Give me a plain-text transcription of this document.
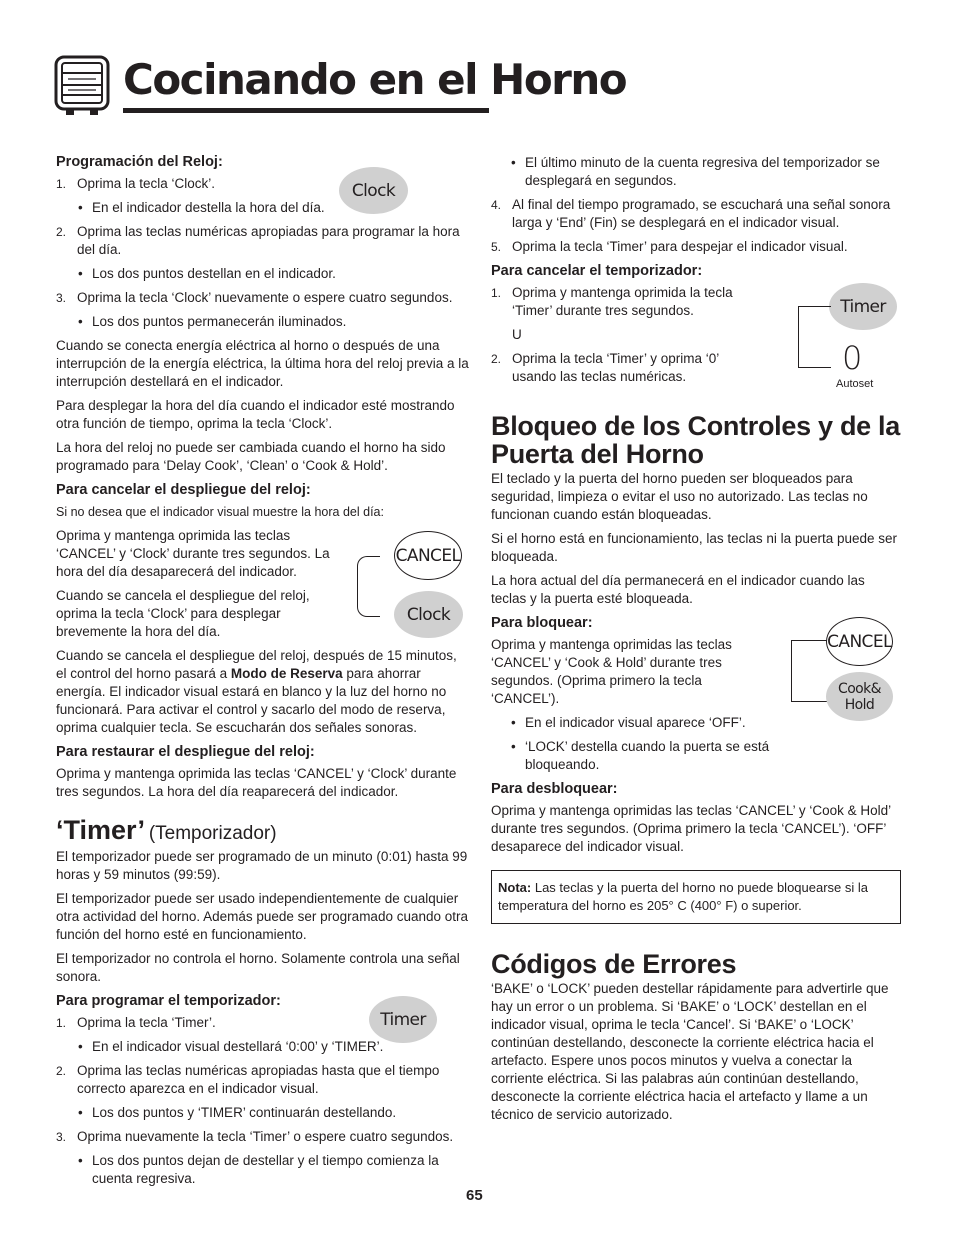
Cocinando en el Horno
Programación del Reloj:
1. Oprima la tecla ‘Clock’.
• En el indicador destella la hora del día.
2. Oprima las teclas numéricas apropiadas para programar la hora del día.
• Los dos puntos destellan en el indicador.
3. Oprima la tecla ‘Clock’ nuevamente o espere cuatro segundos.
• Los dos puntos permanecerán iluminados.

Cuando se conecta energía eléctrica al horno o después de una interrupción de la energía eléctrica, la última hora del reloj previa a la interrupción destellará en el indicador.

Para desplegar la hora del día cuando el indicador esté mostrando otra función de tiempo, oprima la tecla ‘Clock’.

La hora del reloj no puede ser cambiada cuando el horno ha sido programado para ‘Delay Cook’, ‘Clean’ o ‘Cook & Hold’.

Para cancelar el despliegue del reloj:

Si no desea que el indicador visual muestre la hora del día:

Oprima y mantenga oprimida las teclas ‘CANCEL’ y ‘Clock’ durante tres segundos. La hora del día desaparecerá del indicador.

Cuando se cancela el despliegue del reloj, oprima la tecla ‘Clock’ para desplegar brevemente la hora del día.

Cuando se cancela el despliegue del reloj, después de 15 minutos, el control del horno pasará a Modo de Reserva para ahorrar energía. El indicador visual estará en blanco y la luz del horno no funcionará. Para activar el control y sacarlo del modo de reserva, oprima cualquier tecla. Se escucharán dos señales sonoras.

Para restaurar el despliegue del reloj:

Oprima y mantenga oprimida las teclas ‘CANCEL’ y ‘Clock’ durante tres segundos. La hora del día reaparecerá del indicador.

‘Timer’ (Temporizador)

El temporizador puede ser programado de un minuto (0:01) hasta 99 horas y 59 minutos (99:59).

El temporizador puede ser usado independientemente de cualquier otra actividad del horno. Además puede ser programado cuando otra función del horno esté en funcionamiento.

El temporizador no controla el horno. Solamente controla una señal sonora.

Para programar el temporizador:
1. Oprima la tecla ‘Timer’.
• En el indicador visual destellará ‘0:00’ y ‘TIMER’.
2. Oprima las teclas numéricas apropiadas hasta que el tiempo correcto aparezca en el indicador visual.
• Los dos puntos y ‘TIMER’ continuarán destellando.
3. Oprima nuevamente la tecla ‘Timer’ o espere cuatro segundos.
• Los dos puntos dejan de destellar y el tiempo comienza la cuenta regresiva.
Clock
CANCEL
Clock
Timer
• El último minuto de la cuenta regresiva del temporizador se desplegará en segundos.
4. Al final del tiempo programado, se escuchará una señal sonora larga y ‘End’ (Fin) se desplegará en el indicador visual.
5. Oprima la tecla ‘Timer’ para despejar el indicador visual.
Para cancelar el temporizador:
1. Oprima y mantenga oprimida la tecla ‘Timer’ durante tres segundos.

U

2. Oprima la tecla ‘Timer’ y oprima ‘0’ usando las teclas numéricas.
Bloqueo de los Controles y de la Puerta del Horno

El teclado y la puerta del horno pueden ser bloqueados para seguridad, limpieza o evitar el uso no autorizado. Las teclas no funcionan cuando están bloqueadas.

Si el horno está en funcionamiento, las teclas ni la puerta puede ser bloqueada.

La hora actual del día permanecerá en el indicador cuando las teclas y la puerta esté bloqueada.

Para bloquear:

Oprima y mantenga oprimidas las teclas ‘CANCEL’ y ‘Cook & Hold’ durante tres segundos. (Oprima primero la tecla ‘CANCEL’).

• En el indicador visual aparece ‘OFF’.
• ‘LOCK’ destella cuando la puerta se está bloqueando.
Para desbloquear:

Oprima y mantenga oprimidas las teclas ‘CANCEL’ y ‘Cook & Hold’ durante tres segundos. (Oprima primero la tecla ‘CANCEL’). ‘OFF’ desaparece del indicador visual.

Nota: Las teclas y la puerta del horno no puede bloquearse si la temperatura del horno es 205° C (400° F) o superior.
Códigos de Errores

‘BAKE’ o ‘LOCK’ pueden destellar rápidamente para advertirle que hay un error o un problema. Si ‘BAKE’ o ‘LOCK’ destellan en el indicador visual, oprima le tecla ‘Cancel’. Si ‘BAKE’ o ‘LOCK’ continúan destellando, desconecte la corriente eléctrica hacia el artefacto. Espere unos pocos minutos y vuelva a conectar la corriente eléctrica. Si las palabras aún continúan destellando, desconecte la corriente eléctrica hacia el artefacto y llame a un técnico de servicio autorizado.

Timer
0
Autoset
CANCEL
Cook&
Hold
65
